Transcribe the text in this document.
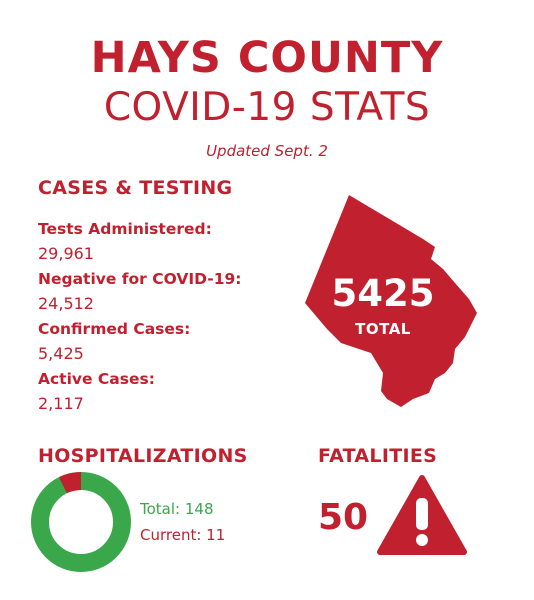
HAYS COUNTY
COVID-19 STATS
Updated Sept. 2
CASES & TESTING
Tests Administered:
29,961
Negative for COVID-19:
24,512
Confirmed Cases:
5,425
Active Cases:
2,117
5425
TOTAL
HOSPITALIZATIONS
Total: 148
Current: 11
FATALITIES
50
